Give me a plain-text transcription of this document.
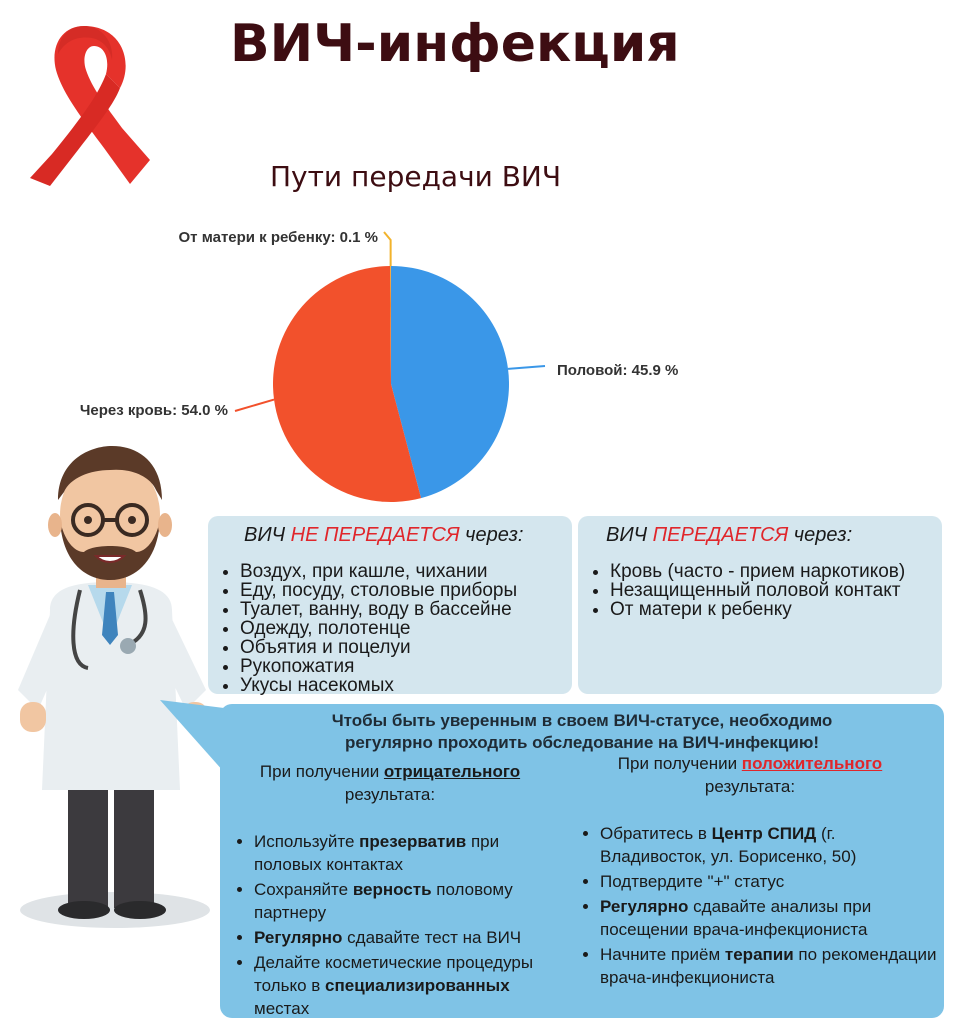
ВИЧ-инфекция
Пути передачи ВИЧ
Половой: 45.9 %
Через кровь: 54.0 %
От матери к ребенку: 0.1 %
ВИЧ НЕ ПЕРЕДАЕТСЯ через:
• Воздух, при кашле, чихании
• Еду, посуду, столовые приборы
• Туалет, ванну, воду в бассейне
• Одежду, полотенце
• Объятия и поцелуи
• Рукопожатия
• Укусы насекомых
ВИЧ ПЕРЕДАЕТСЯ через:
• Кровь (часто - прием наркотиков)
• Незащищенный половой контакт
• От матери к ребенку
Чтобы быть уверенным в своем ВИЧ-статусе, необходимо
регулярно проходить обследование на ВИЧ-инфекцию!
При получении отрицательного
результата:
При получении положительного
результата:
• Используйте презерватив при половых контактах
• Сохраняйте верность половому партнеру
• Регулярно сдавайте тест на ВИЧ
• Делайте косметические процедуры только в специализированных местах
• Обратитесь в Центр СПИД (г. Владивосток, ул. Борисенко, 50)
• Подтвердите "+" статус
• Регулярно сдавайте анализы при посещении врача-инфекциониста
• Начните приём терапии по рекомендации врача-инфекциониста
